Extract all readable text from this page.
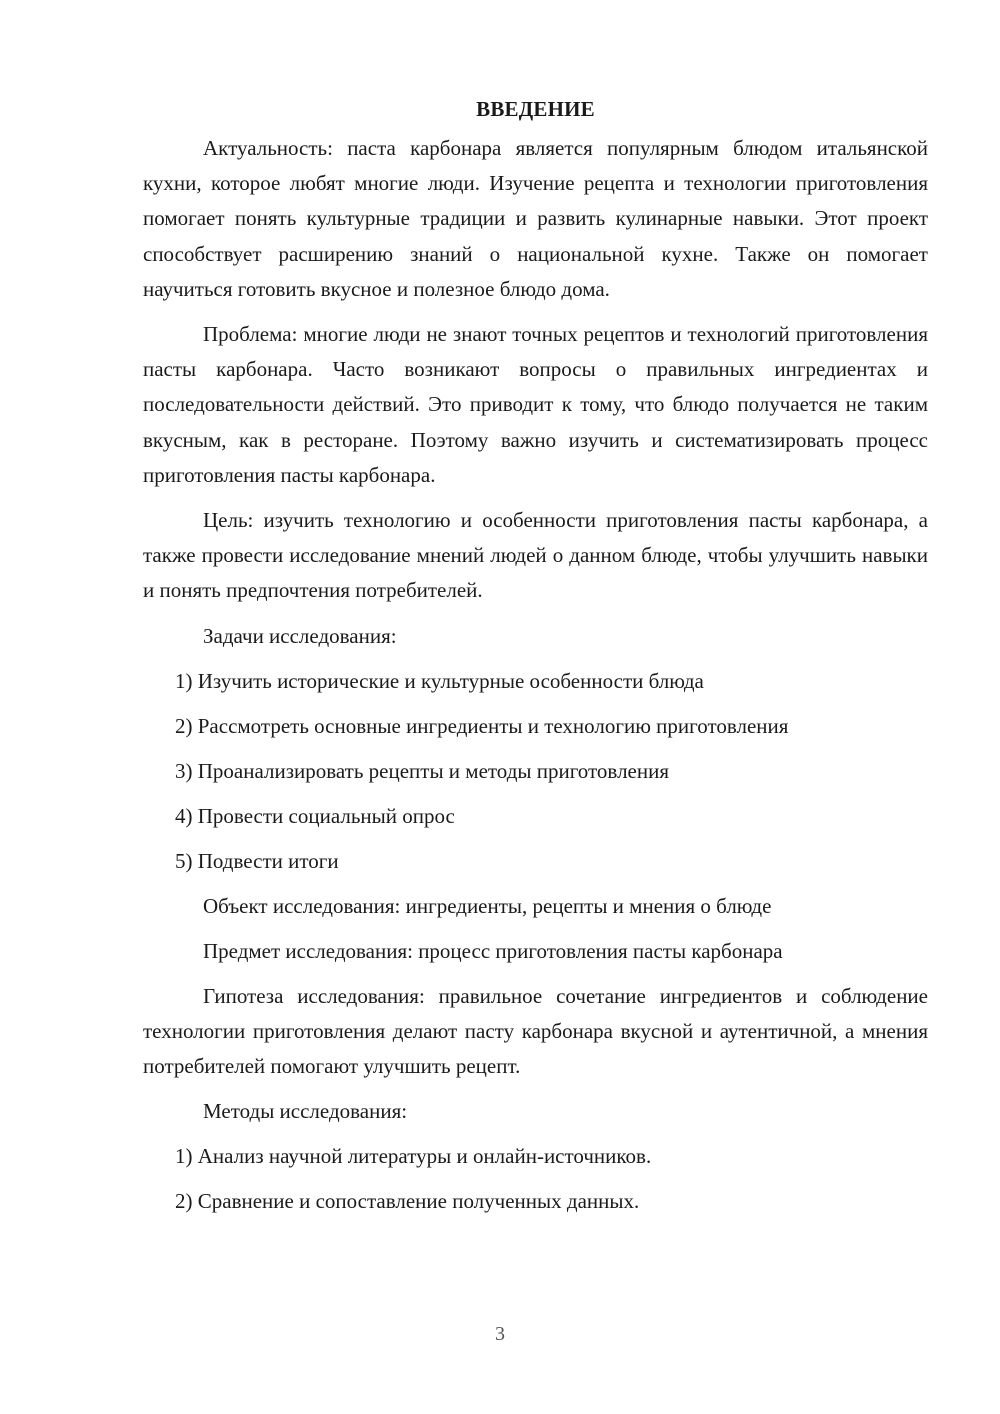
ВВЕДЕНИЕ

Актуальность: паста карбонара является популярным блюдом итальянской кухни, которое любят многие люди. Изучение рецепта и технологии приготовления помогает понять культурные традиции и развить кулинарные навыки. Этот проект способствует расширению знаний о национальной кухне. Также он помогает научиться готовить вкусное и полезное блюдо дома.

Проблема: многие люди не знают точных рецептов и технологий приготовления пасты карбонара. Часто возникают вопросы о правильных ингредиентах и последовательности действий. Это приводит к тому, что блюдо получается не таким вкусным, как в ресторане. Поэтому важно изучить и систематизировать процесс приготовления пасты карбонара.

Цель: изучить технологию и особенности приготовления пасты карбонара, а также провести исследование мнений людей о данном блюде, чтобы улучшить навыки и понять предпочтения потребителей.

Задачи исследования:
1) Изучить исторические и культурные особенности блюда
2) Рассмотреть основные ингредиенты и технологию приготовления
3) Проанализировать рецепты и методы приготовления
4) Провести социальный опрос
5) Подвести итоги
Объект исследования: ингредиенты, рецепты и мнения о блюде
Предмет исследования: процесс приготовления пасты карбонара

Гипотеза исследования: правильное сочетание ингредиентов и соблюдение технологии приготовления делают пасту карбонара вкусной и аутентичной, а мнения потребителей помогают улучшить рецепт.

Методы исследования:
1) Анализ научной литературы и онлайн-источников.
2) Сравнение и сопоставление полученных данных.
3
